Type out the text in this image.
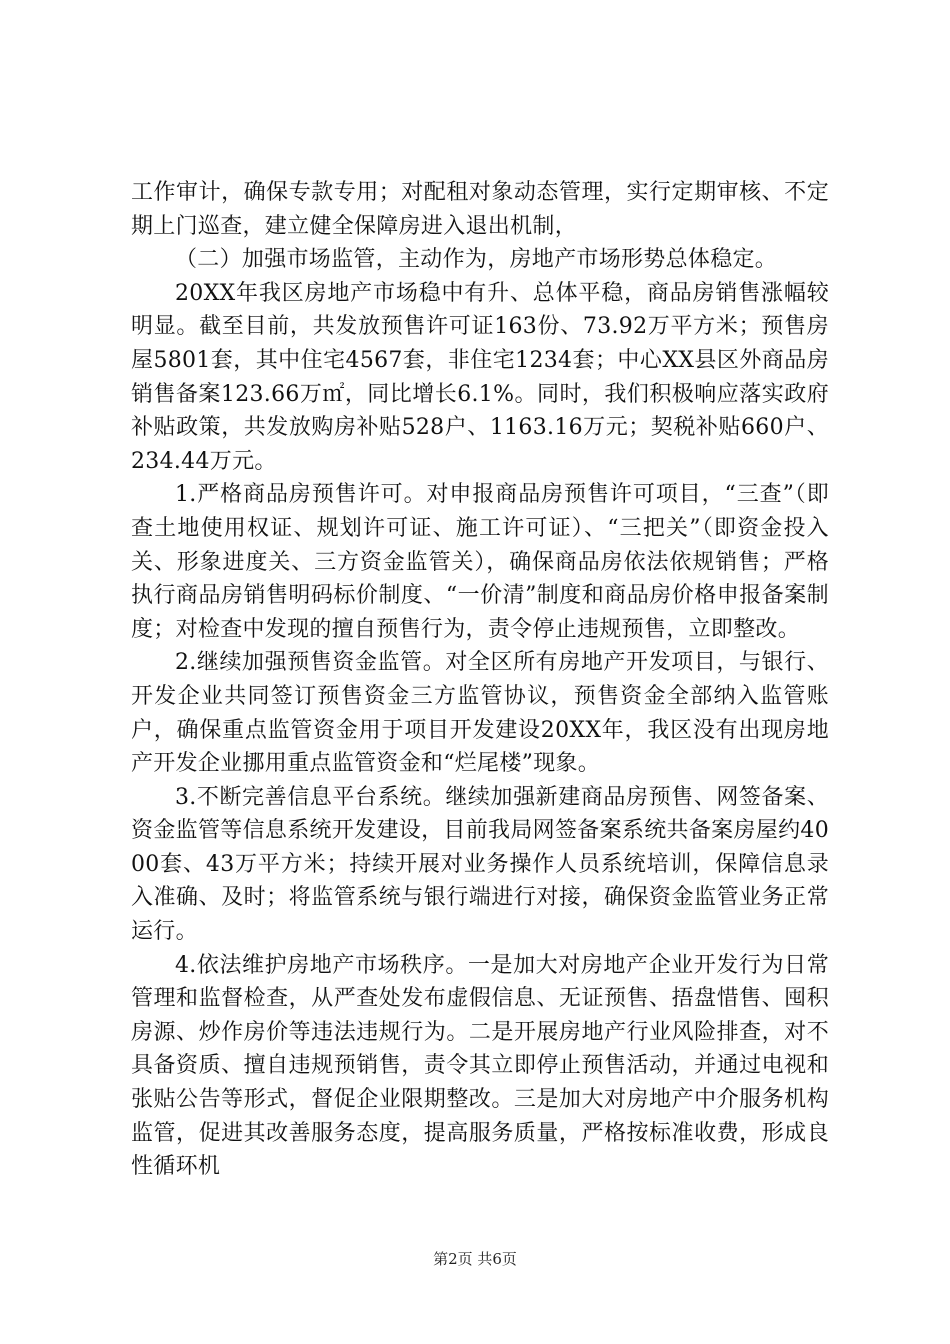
工作审计，确保专款专用；对配租对象动态管理，实行定期审核、不定期上门巡查，建立健全保障房进入退出机制，

（二）加强市场监管，主动作为，房地产市场形势总体稳定。

20XX年我区房地产市场稳中有升、总体平稳，商品房销售涨幅较明显。截至目前，共发放预售许可证163份、73.92万平方米；预售房屋5801套，其中住宅4567套，非住宅1234套；中心XX县区外商品房销售备案123.66万㎡，同比增长6.1%。同时，我们积极响应落实政府补贴政策，共发放购房补贴528户、1163.16万元；契税补贴660户、234.44万元。

1.严格商品房预售许可。对申报商品房预售许可项目，“三查”（即查土地使用权证、规划许可证、施工许可证）、“三把关”（即资金投入关、形象进度关、三方资金监管关），确保商品房依法依规销售；严格执行商品房销售明码标价制度、“一价清”制度和商品房价格申报备案制度；对检查中发现的擅自预售行为，责令停止违规预售，立即整改。

2.继续加强预售资金监管。对全区所有房地产开发项目，与银行、开发企业共同签订预售资金三方监管协议，预售资金全部纳入监管账户，确保重点监管资金用于项目开发建设20XX年，我区没有出现房地产开发企业挪用重点监管资金和“烂尾楼”现象。

3.不断完善信息平台系统。继续加强新建商品房预售、网签备案、资金监管等信息系统开发建设，目前我局网签备案系统共备案房屋约4000套、43万平方米；持续开展对业务操作人员系统培训，保障信息录入准确、及时；将监管系统与银行端进行对接，确保资金监管业务正常运行。

4.依法维护房地产市场秩序。一是加大对房地产企业开发行为日常管理和监督检查，从严查处发布虚假信息、无证预售、捂盘惜售、囤积房源、炒作房价等违法违规行为。二是开展房地产行业风险排查，对不具备资质、擅自违规预销售，责令其立即停止预售活动，并通过电视和张贴公告等形式，督促企业限期整改。三是加大对房地产中介服务机构监管，促进其改善服务态度，提高服务质量，严格按标准收费，形成良性循环机

第2页 共6页
